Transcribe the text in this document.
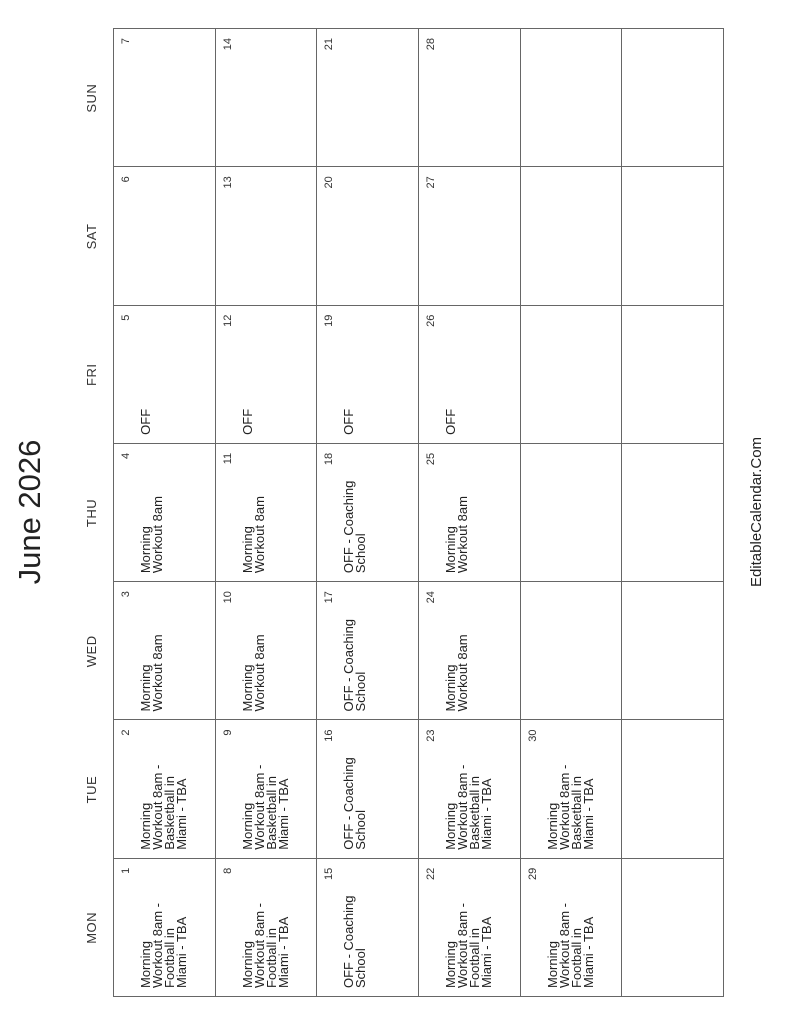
June 2026
MON
TUE
WED
THU
FRI
SAT
SUN
1
Morning
Workout 8am -
Football in
Miami - TBA
2
Morning
Workout 8am -
Basketball in
Miami - TBA
3
Morning
Workout 8am
4
Morning
Workout 8am
5
OFF
6
7
8
Morning
Workout 8am -
Football in
Miami - TBA
9
Morning
Workout 8am -
Basketball in
Miami - TBA
10
Morning
Workout 8am
11
Morning
Workout 8am
12
OFF
13
14
15
OFF - Coaching
School
16
OFF - Coaching
School
17
OFF - Coaching
School
18
OFF - Coaching
School
19
OFF
20
21
22
Morning
Workout 8am -
Football in
Miami - TBA
23
Morning
Workout 8am -
Basketball in
Miami - TBA
24
Morning
Workout 8am
25
Morning
Workout 8am
26
OFF
27
28
29
Morning
Workout 8am -
Football in
Miami - TBA
30
Morning
Workout 8am -
Basketball in
Miami - TBA
EditableCalendar.Com
